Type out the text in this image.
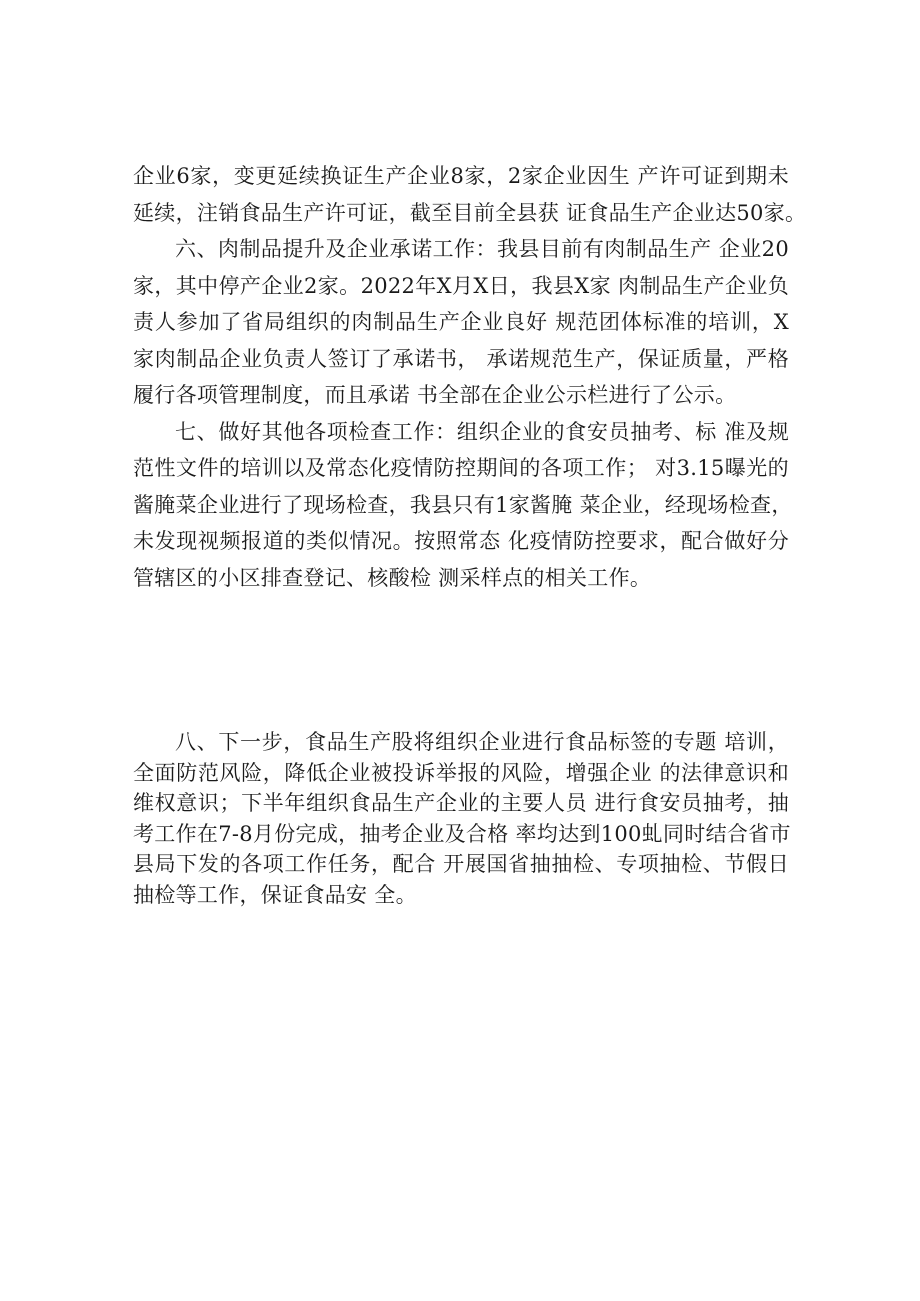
企业6家，变更延续换证生产企业8家，2家企业因生 产许可证到期未
延续，注销食品生产许可证，截至目前全县获 证食品生产企业达50家。

六、肉制品提升及企业承诺工作：我县目前有肉制品生产 企业20
家，其中停产企业2家。2022年X月X日，我县X家 肉制品生产企业负
责人参加了省局组织的肉制品生产企业良好 规范团体标准的培训，X
家肉制品企业负责人签订了承诺书， 承诺规范生产，保证质量，严格
履行各项管理制度，而且承诺 书全部在企业公示栏进行了公示。

七、做好其他各项检查工作：组织企业的食安员抽考、标 准及规
范性文件的培训以及常态化疫情防控期间的各项工作； 对3.15曝光的
酱腌菜企业进行了现场检查，我县只有1家酱腌 菜企业，经现场检查，
未发现视频报道的类似情况。按照常态 化疫情防控要求，配合做好分
管辖区的小区排查登记、核酸检 测采样点的相关工作。

八、下一步，食品生产股将组织企业进行食品标签的专题 培训，
全面防范风险，降低企业被投诉举报的风险，增强企业 的法律意识和
维权意识；下半年组织食品生产企业的主要人员 进行食安员抽考，抽
考工作在7-8月份完成，抽考企业及合格 率均达到100虬同时结合省市
县局下发的各项工作任务，配合 开展国省抽抽检、专项抽检、节假日
抽检等工作，保证食品安 全。
